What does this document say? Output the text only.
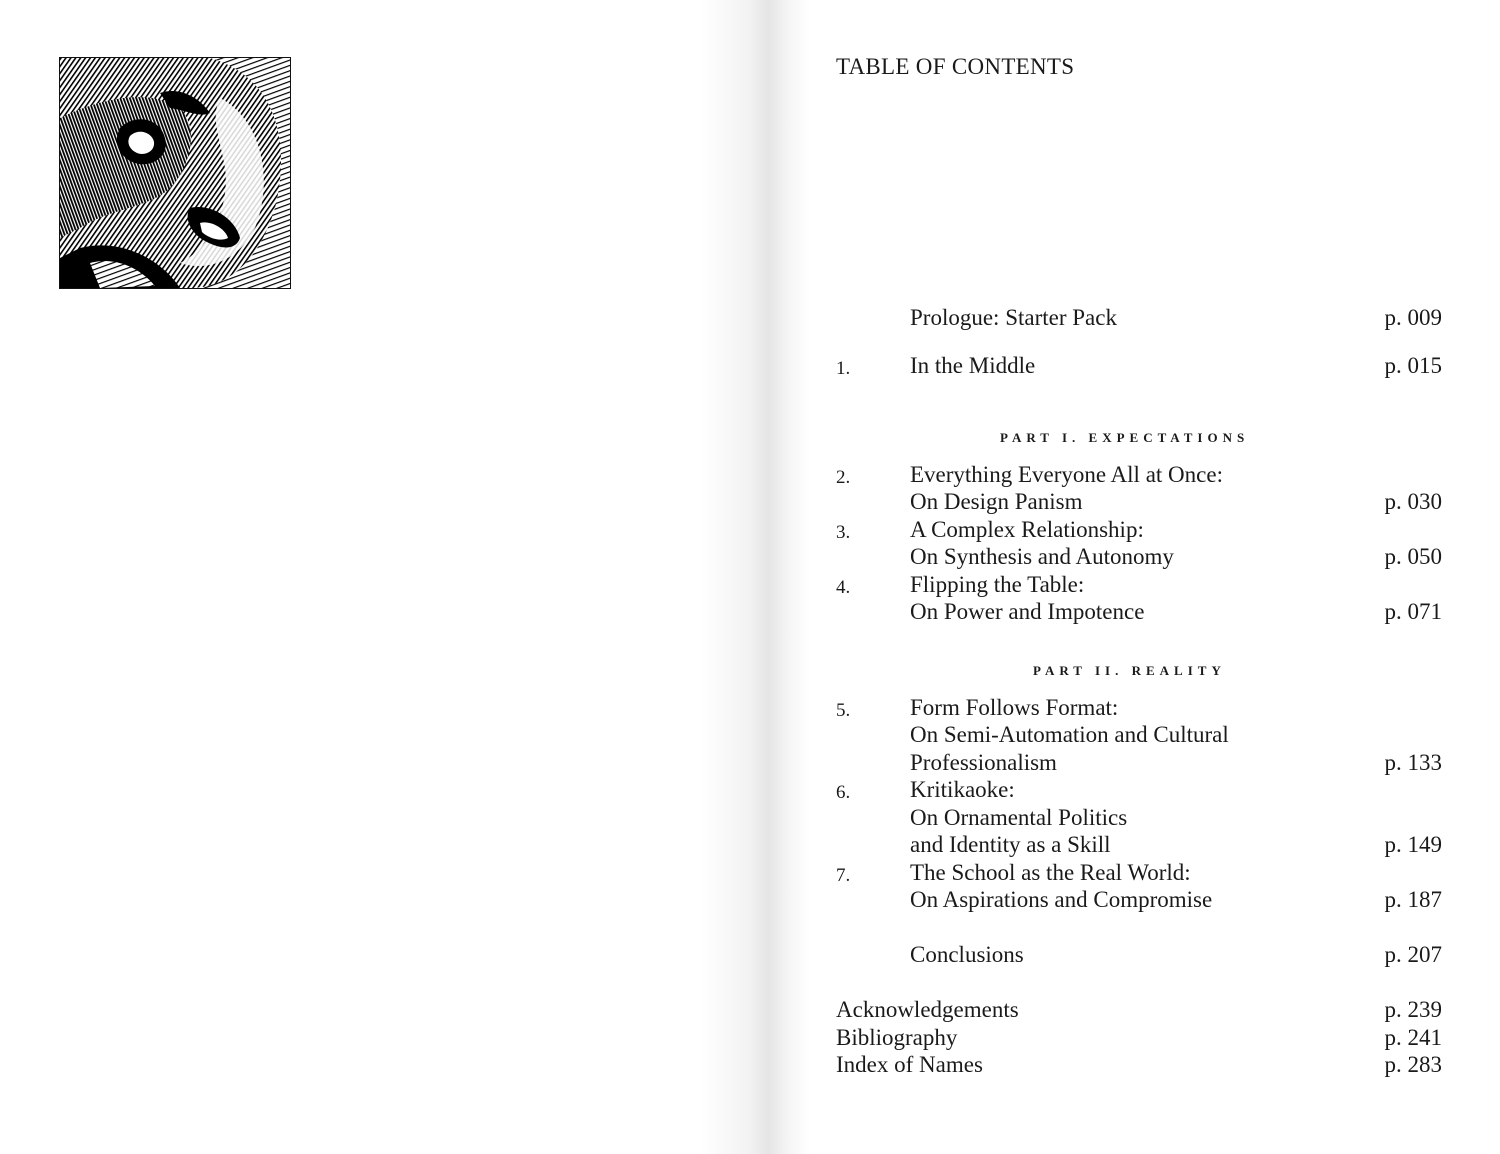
TABLE OF CONTENTS
Prologue: Starter Pack	p. 009
1.	In the Middle	p. 015
PART I. EXPECTATIONS
2.	Everything Everyone All at Once:
On Design Panism	p. 030
3.	A Complex Relationship:
On Synthesis and Autonomy	p. 050
4.	Flipping the Table:
On Power and Impotence	p. 071
PART II. REALITY
5.	Form Follows Format:
On Semi-Automation and Cultural
Professionalism	p. 133
6.	Kritikaoke:
On Ornamental Politics
and Identity as a Skill	p. 149
7.	The School as the Real World:
On Aspirations and Compromise	p. 187
Conclusions	p. 207
Acknowledgements	p. 239
Bibliography	p. 241
Index of Names	p. 283
